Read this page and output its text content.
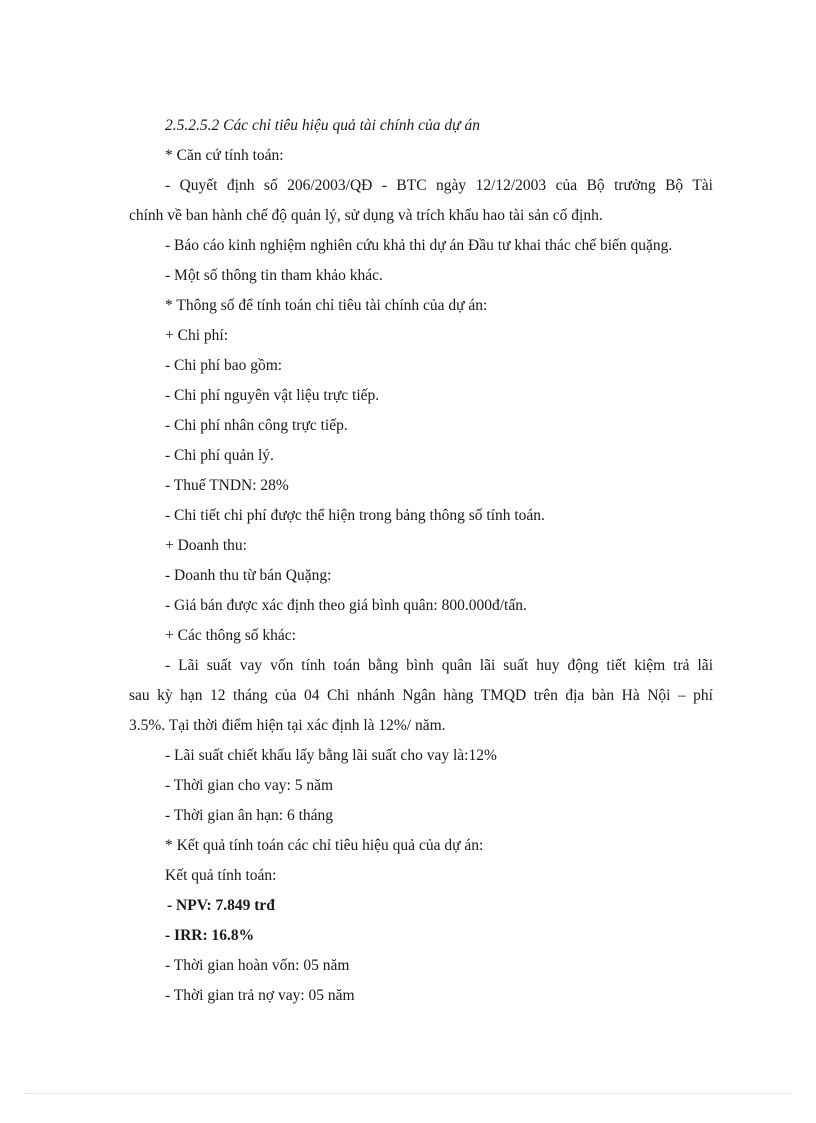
2.5.2.5.2 Các chỉ tiêu hiệu quả tài chính của dự án

* Căn cứ tính toán:

- Quyết định số 206/2003/QĐ - BTC ngày 12/12/2003 của Bộ trưởng Bộ Tài

chính về ban hành chế độ quản lý, sử dụng và trích khấu hao tài sản cố định.

- Báo cáo kinh nghiệm nghiên cứu khả thi dự án Đầu tư khai thác chế biến quặng.

- Một số thông tin tham khảo khác.

* Thông số để tính toán chỉ tiêu tài chính của dự án:

+ Chi phí:

- Chi phí bao gồm:

- Chi phí nguyên vật liệu trực tiếp.

- Chi phí nhân công trực tiếp.

- Chi phí quản lý.

- Thuế TNDN: 28%

- Chi tiết chi phí được thể hiện trong bảng thông số tính toán.

+ Doanh thu:

- Doanh thu từ bán Quặng:

- Giá bán được xác định theo giá bình quân: 800.000đ/tấn.

+ Các thông số khác:

- Lãi suất vay vốn tính toán bằng bình quân lãi suất huy động tiết kiệm trả lãi

sau kỳ hạn 12 tháng của 04 Chi nhánh Ngân hàng TMQD trên địa bàn Hà Nội – phí

3.5%. Tại thời điểm hiện tại xác định là 12%/ năm.

- Lãi suất chiết khấu lấy bằng lãi suất cho vay là:12%

- Thời gian cho vay: 5 năm

- Thời gian ân hạn: 6 tháng

* Kết quả tính toán các chỉ tiêu hiệu quả của dự án:

Kết quả tính toán:

- NPV: 7.849 trđ

- IRR: 16.8%

- Thời gian hoàn vốn: 05 năm

- Thời gian trả nợ vay: 05 năm
